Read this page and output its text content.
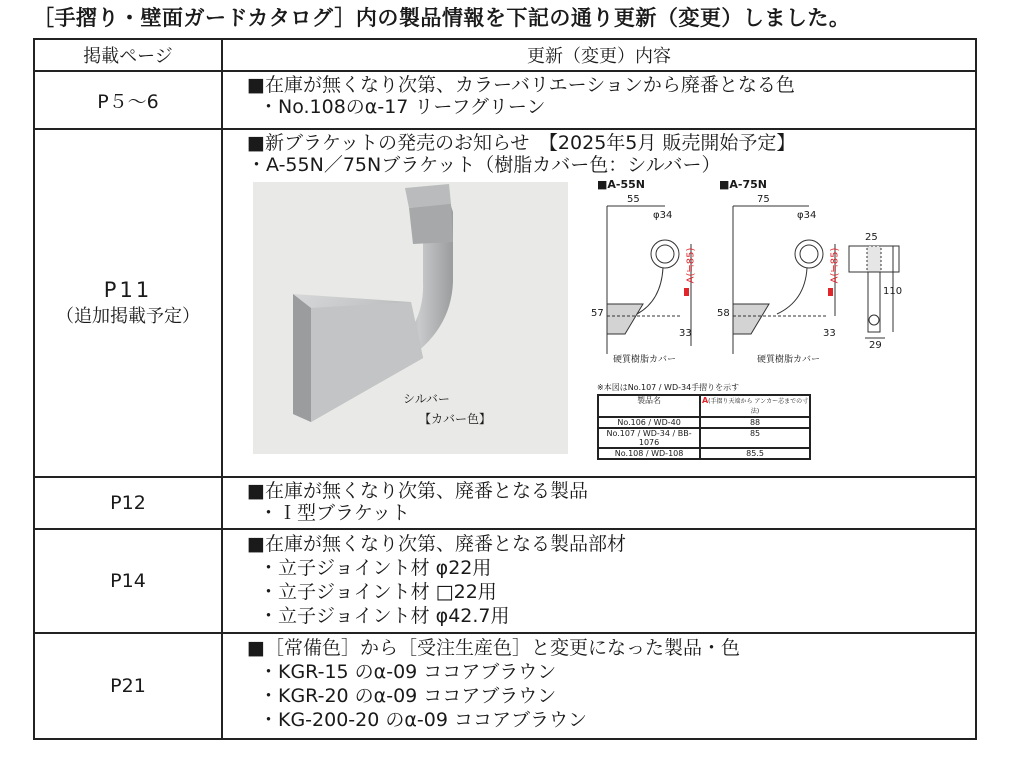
［手摺り・壁面ガードカタログ］内の製品情報を下記の通り更新（変更）しました。
掲載ページ	更新（変更）内容
P５〜6	
■在庫が無くなり次第、カラーバリエーションから廃番となる色
・No.108のα-17 リーフグリーン

P11
（追加掲載予定）

■新ブラケットの発売のお知らせ　【2025年5月 販売開始予定】
・A-55N／75Nブラケット（樹脂カバー色：シルバー）
シルバー
【カバー色】
■A-55N	■A-75N
55	75
φ34	φ34
A(≒85)	A(≒85)
57	58
33	33
25
110
29
硬質樹脂カバー	硬質樹脂カバー
※本図はNo.107 / WD-34手摺りを示す
製品名	A(手摺り天端から アンカー芯までの寸法)
No.106 / WD-40	88
No.107 / WD-34 / BB-1076	85
No.108 / WD-108	85.5

P12	
■在庫が無くなり次第、廃番となる製品
・Ｉ型ブラケット

P14	
■在庫が無くなり次第、廃番となる製品部材
・立子ジョイント材 φ22用
・立子ジョイント材 □22用
・立子ジョイント材 φ42.7用

P21	
■［常備色］から［受注生産色］と変更になった製品・色
・KGR-15 のα-09 ココアブラウン
・KGR-20 のα-09 ココアブラウン
・KG-200-20 のα-09 ココアブラウン
